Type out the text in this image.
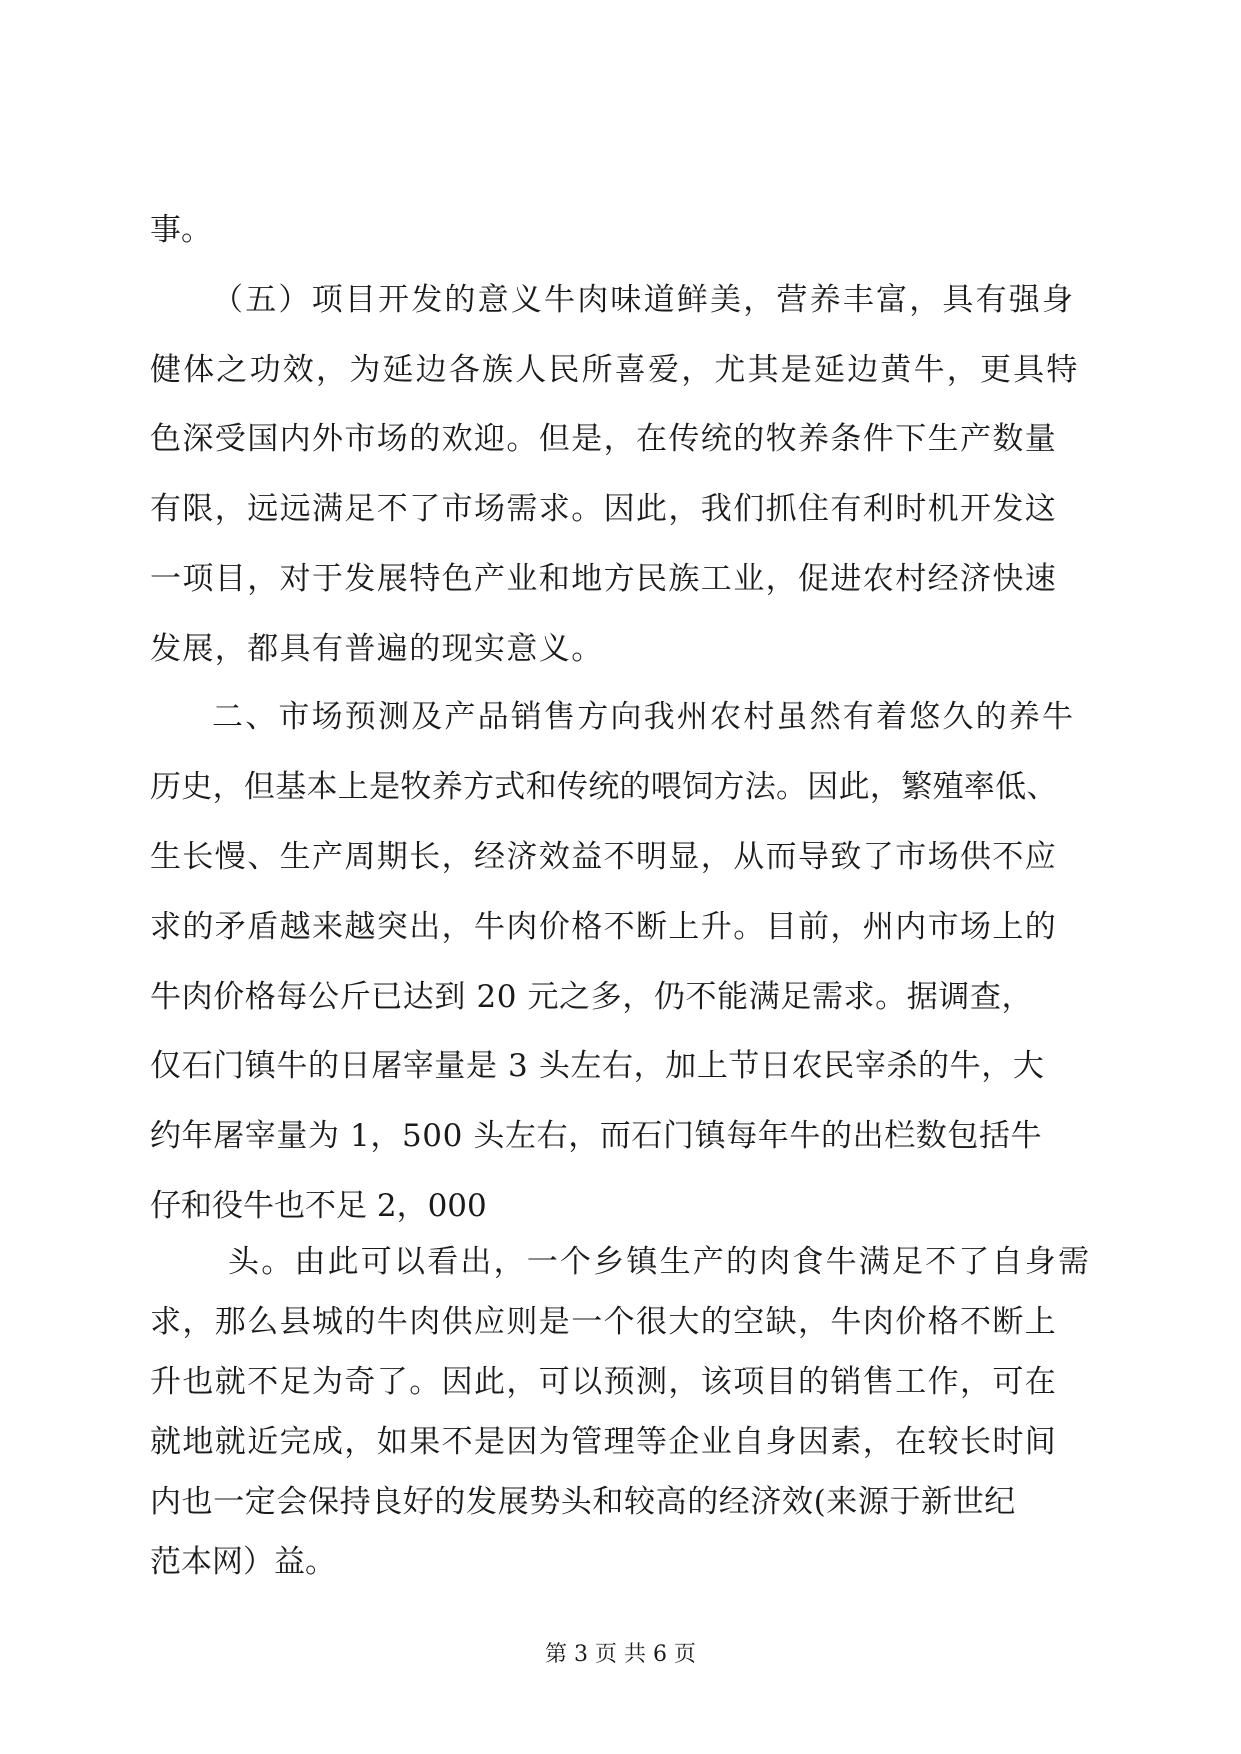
事。
（五）项目开发的意义牛肉味道鲜美，营养丰富，具有强身
健体之功效，为延边各族人民所喜爱，尤其是延边黄牛，更具特
色深受国内外市场的欢迎。但是，在传统的牧养条件下生产数量
有限，远远满足不了市场需求。因此，我们抓住有利时机开发这
一项目，对于发展特色产业和地方民族工业，促进农村经济快速
发展，都具有普遍的现实意义。
二、市场预测及产品销售方向我州农村虽然有着悠久的养牛
历史，但基本上是牧养方式和传统的喂饲方法。因此，繁殖率低、
生长慢、生产周期长，经济效益不明显，从而导致了市场供不应
求的矛盾越来越突出，牛肉价格不断上升。目前，州内市场上的
牛肉价格每公斤已达到 20 元之多，仍不能满足需求。据调查，
仅石门镇牛的日屠宰量是 3 头左右，加上节日农民宰杀的牛，大
约年屠宰量为 1，500 头左右，而石门镇每年牛的出栏数包括牛
仔和役牛也不足 2，000
头。由此可以看出，一个乡镇生产的肉食牛满足不了自身需
求，那么县城的牛肉供应则是一个很大的空缺，牛肉价格不断上
升也就不足为奇了。因此，可以预测，该项目的销售工作，可在
就地就近完成，如果不是因为管理等企业自身因素，在较长时间
内也一定会保持良好的发展势头和较高的经济效(来源于新世纪
范本网）益。
第 3 页 共 6 页
